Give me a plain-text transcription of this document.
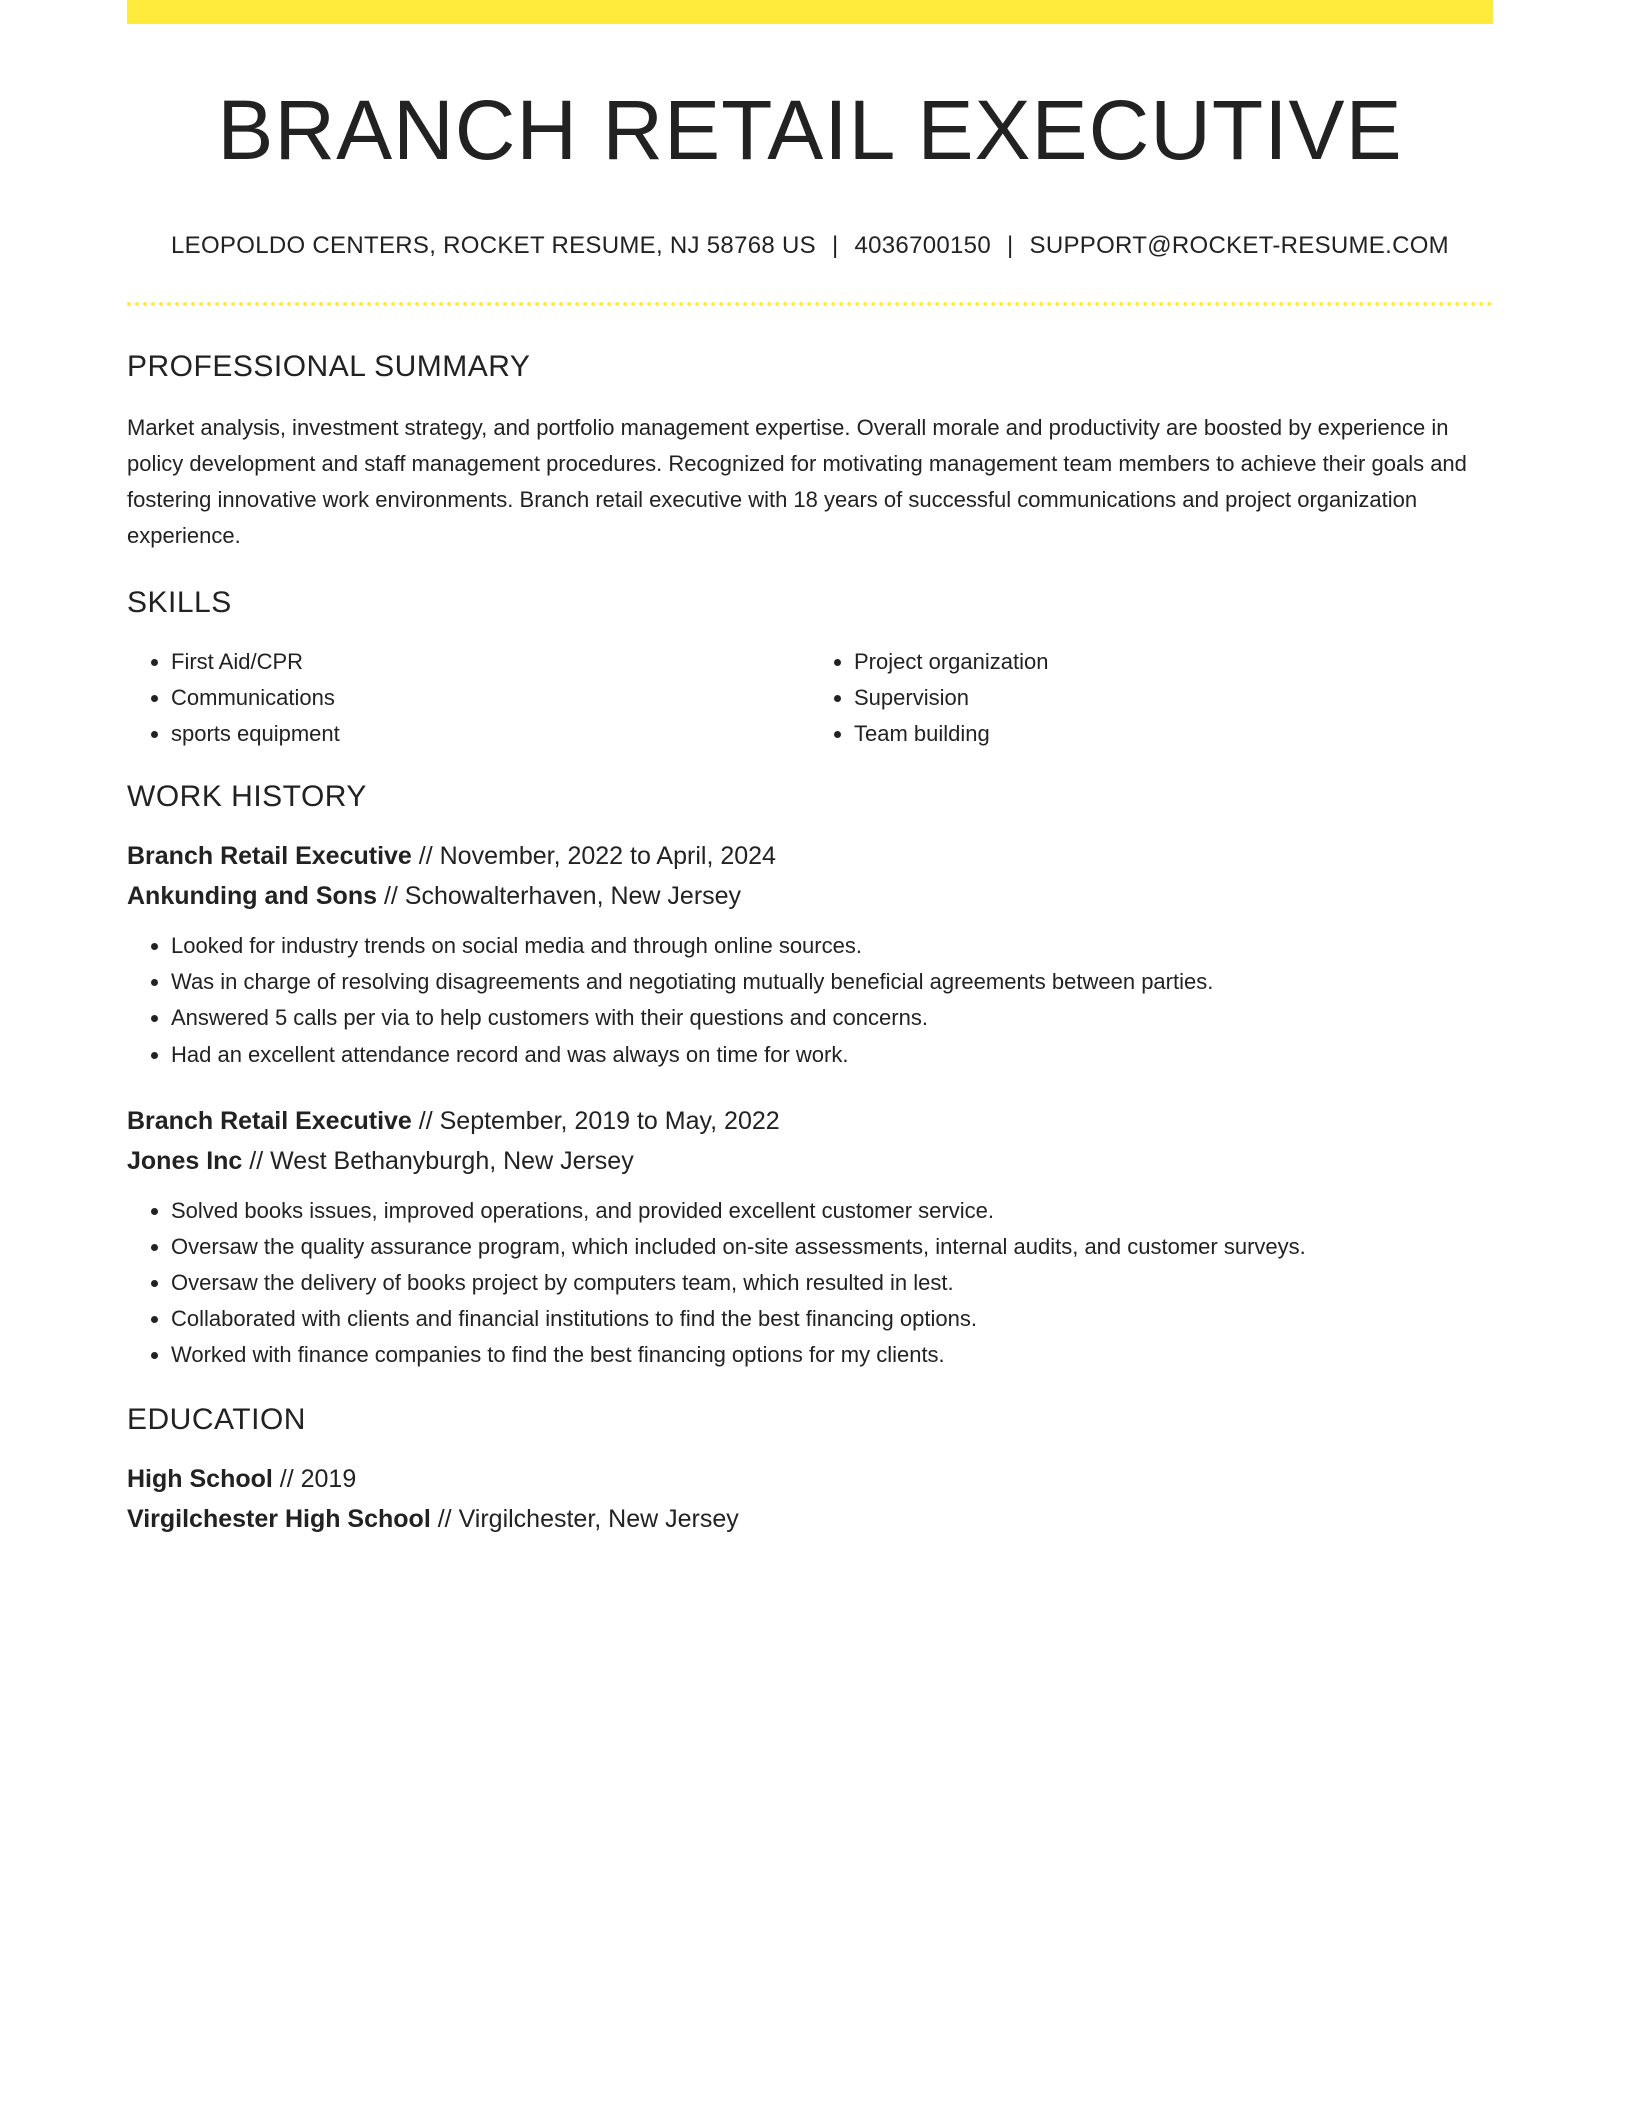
BRANCH RETAIL EXECUTIVE
LEOPOLDO CENTERS, ROCKET RESUME, NJ 58768 US | 4036700150 | SUPPORT@ROCKET-RESUME.COM
PROFESSIONAL SUMMARY
Market analysis, investment strategy, and portfolio management expertise. Overall morale and productivity are boosted by experience in policy development and staff management procedures. Recognized for motivating management team members to achieve their goals and fostering innovative work environments. Branch retail executive with 18 years of successful communications and project organization experience.
SKILLS
• First Aid/CPR
• Communications
• sports equipment
• Project organization
• Supervision
• Team building
WORK HISTORY
Branch Retail Executive // November, 2022 to April, 2024
Ankunding and Sons // Schowalterhaven, New Jersey
• Looked for industry trends on social media and through online sources.
• Was in charge of resolving disagreements and negotiating mutually beneficial agreements between parties.
• Answered 5 calls per via to help customers with their questions and concerns.
• Had an excellent attendance record and was always on time for work.
Branch Retail Executive // September, 2019 to May, 2022
Jones Inc // West Bethanyburgh, New Jersey
• Solved books issues, improved operations, and provided excellent customer service.
• Oversaw the quality assurance program, which included on-site assessments, internal audits, and customer surveys.
• Oversaw the delivery of books project by computers team, which resulted in lest.
• Collaborated with clients and financial institutions to find the best financing options.
• Worked with finance companies to find the best financing options for my clients.
EDUCATION
High School // 2019
Virgilchester High School // Virgilchester, New Jersey
